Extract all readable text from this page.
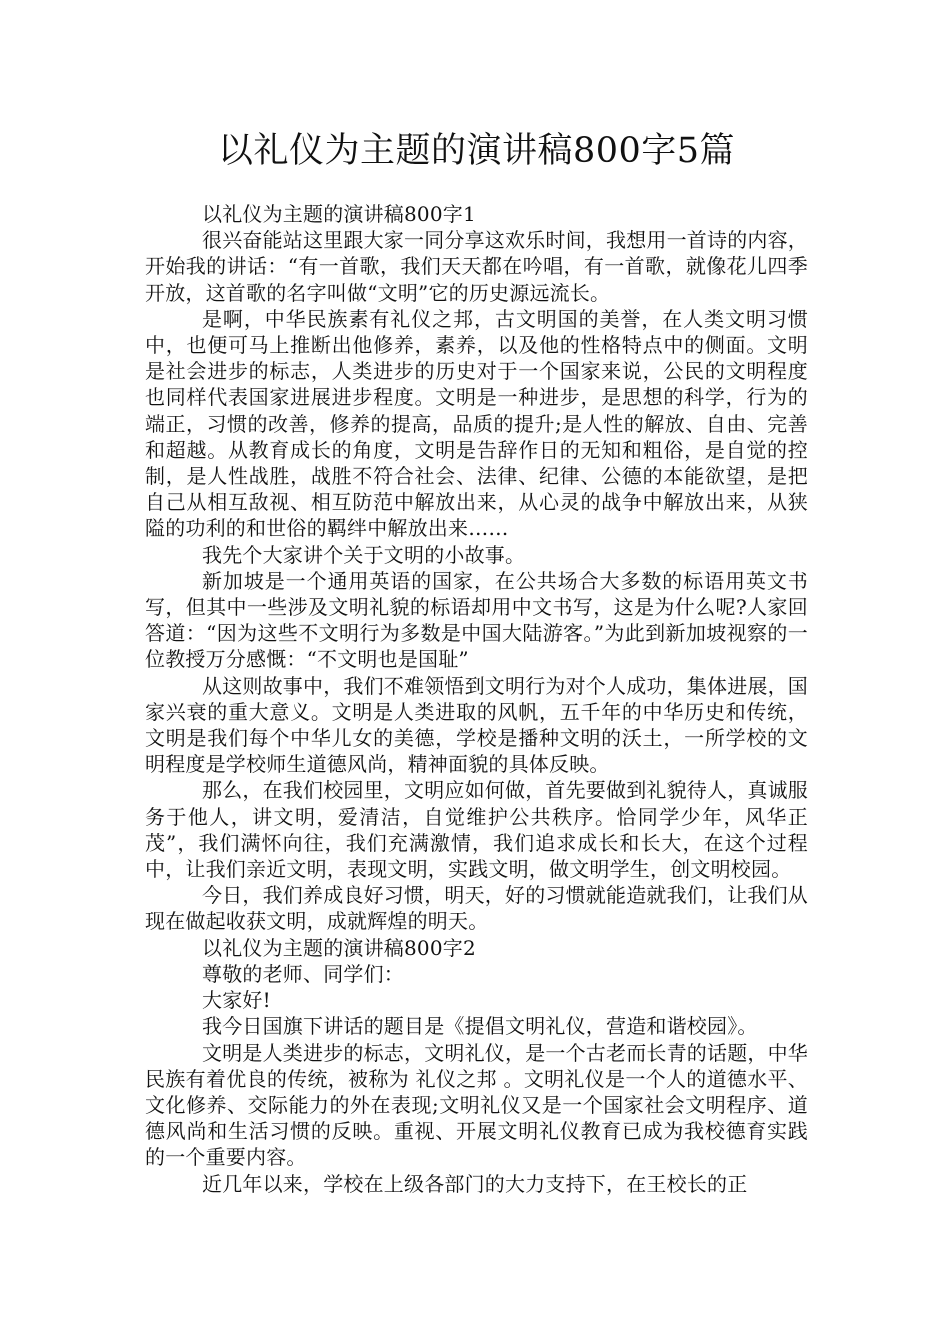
以礼仪为主题的演讲稿800字5篇

以礼仪为主题的演讲稿800字1

很兴奋能站这里跟大家一同分享这欢乐时间，我想用一首诗的内容，开始我的讲话：“有一首歌，我们天天都在吟唱，有一首歌，就像花儿四季开放，这首歌的名字叫做“文明”它的历史源远流长。

是啊，中华民族素有礼仪之邦，古文明国的美誉，在人类文明习惯中，也便可马上推断出他修养，素养，以及他的性格特点中的侧面。文明是社会进步的标志，人类进步的历史对于一个国家来说，公民的文明程度也同样代表国家进展进步程度。文明是一种进步，是思想的科学，行为的端正，习惯的改善，修养的提高，品质的提升;是人性的解放、自由、完善和超越。从教育成长的角度，文明是告辞作日的无知和粗俗，是自觉的控制，是人性战胜，战胜不符合社会、法律、纪律、公德的本能欲望，是把自己从相互敌视、相互防范中解放出来，从心灵的战争中解放出来，从狭隘的功利的和世俗的羁绊中解放出来……

我先个大家讲个关于文明的小故事。

新加坡是一个通用英语的国家，在公共场合大多数的标语用英文书写，但其中一些涉及文明礼貌的标语却用中文书写，这是为什么呢?人家回答道：“因为这些不文明行为多数是中国大陆游客。”为此到新加坡视察的一位教授万分感慨：“不文明也是国耻”

从这则故事中，我们不难领悟到文明行为对个人成功，集体进展，国家兴衰的重大意义。文明是人类进取的风帆，五千年的中华历史和传统，文明是我们每个中华儿女的美德，学校是播种文明的沃土，一所学校的文明程度是学校师生道德风尚，精神面貌的具体反映。

那么，在我们校园里，文明应如何做，首先要做到礼貌待人，真诚服务于他人，讲文明，爱清洁，自觉维护公共秩序。恰同学少年，风华正茂”，我们满怀向往，我们充满激情，我们追求成长和长大，在这个过程中，让我们亲近文明，表现文明，实践文明，做文明学生，创文明校园。

今日，我们养成良好习惯，明天，好的习惯就能造就我们，让我们从现在做起收获文明，成就辉煌的明天。

以礼仪为主题的演讲稿800字2

尊敬的老师、同学们：

大家好!

我今日国旗下讲话的题目是《提倡文明礼仪，营造和谐校园》。

文明是人类进步的标志，文明礼仪，是一个古老而长青的话题，中华民族有着优良的传统，被称为 礼仪之邦 。文明礼仪是一个人的道德水平、文化修养、交际能力的外在表现;文明礼仪又是一个国家社会文明程序、道德风尚和生活习惯的反映。重视、开展文明礼仪教育已成为我校德育实践的一个重要内容。

近几年以来，学校在上级各部门的大力支持下，在王校长的正
